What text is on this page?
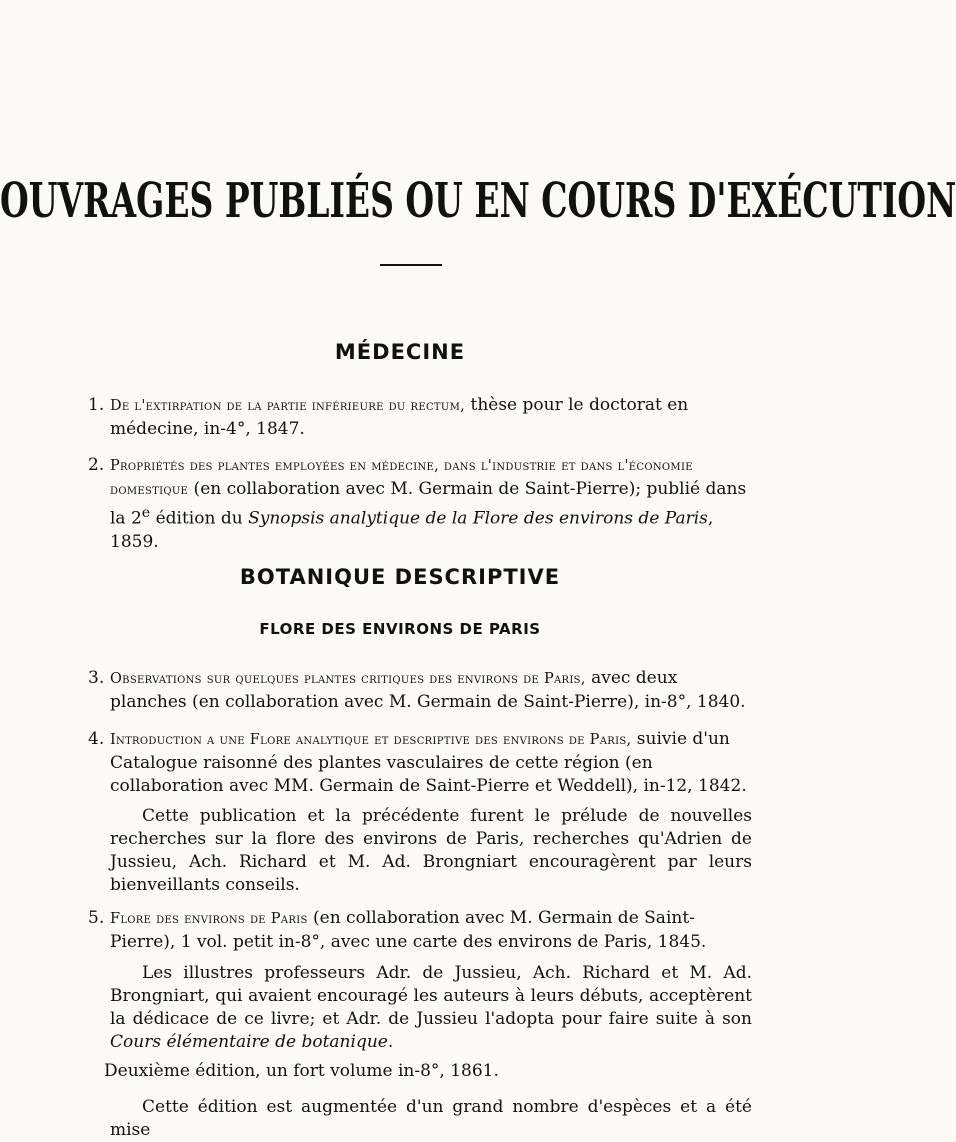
OUVRAGES PUBLIÉS OU EN COURS D'EXÉCUTION
MÉDECINE
1. De l'extirpation de la partie inférieure du rectum, thèse pour le doctorat en médecine, in-4°, 1847.
2. Propriétés des plantes employées en médecine, dans l'industrie et dans l'économie domestique (en collaboration avec M. Germain de Saint-Pierre); publié dans la 2e édition du Synopsis analytique de la Flore des environs de Paris, 1859.
BOTANIQUE DESCRIPTIVE
FLORE DES ENVIRONS DE PARIS
3. Observations sur quelques plantes critiques des environs de Paris, avec deux planches (en collaboration avec M. Germain de Saint-Pierre), in-8°, 1840.
4. Introduction a une Flore analytique et descriptive des environs de Paris, suivie d'un Catalogue raisonné des plantes vasculaires de cette région (en collaboration avec MM. Germain de Saint-Pierre et Weddell), in-12, 1842.
Cette publication et la précédente furent le prélude de nouvelles recherches sur la flore des environs de Paris, recherches qu'Adrien de Jussieu, Ach. Richard et M. Ad. Brongniart encouragèrent par leurs bienveillants conseils.
5. Flore des environs de Paris (en collaboration avec M. Germain de Saint-Pierre), 1 vol. petit in-8°, avec une carte des environs de Paris, 1845.
Les illustres professeurs Adr. de Jussieu, Ach. Richard et M. Ad. Brongniart, qui avaient encouragé les auteurs à leurs débuts, acceptèrent la dédicace de ce livre; et Adr. de Jussieu l'adopta pour faire suite à son Cours élémentaire de botanique.
Deuxième édition, un fort volume in-8°, 1861.
Cette édition est augmentée d'un grand nombre d'espèces et a été mise
